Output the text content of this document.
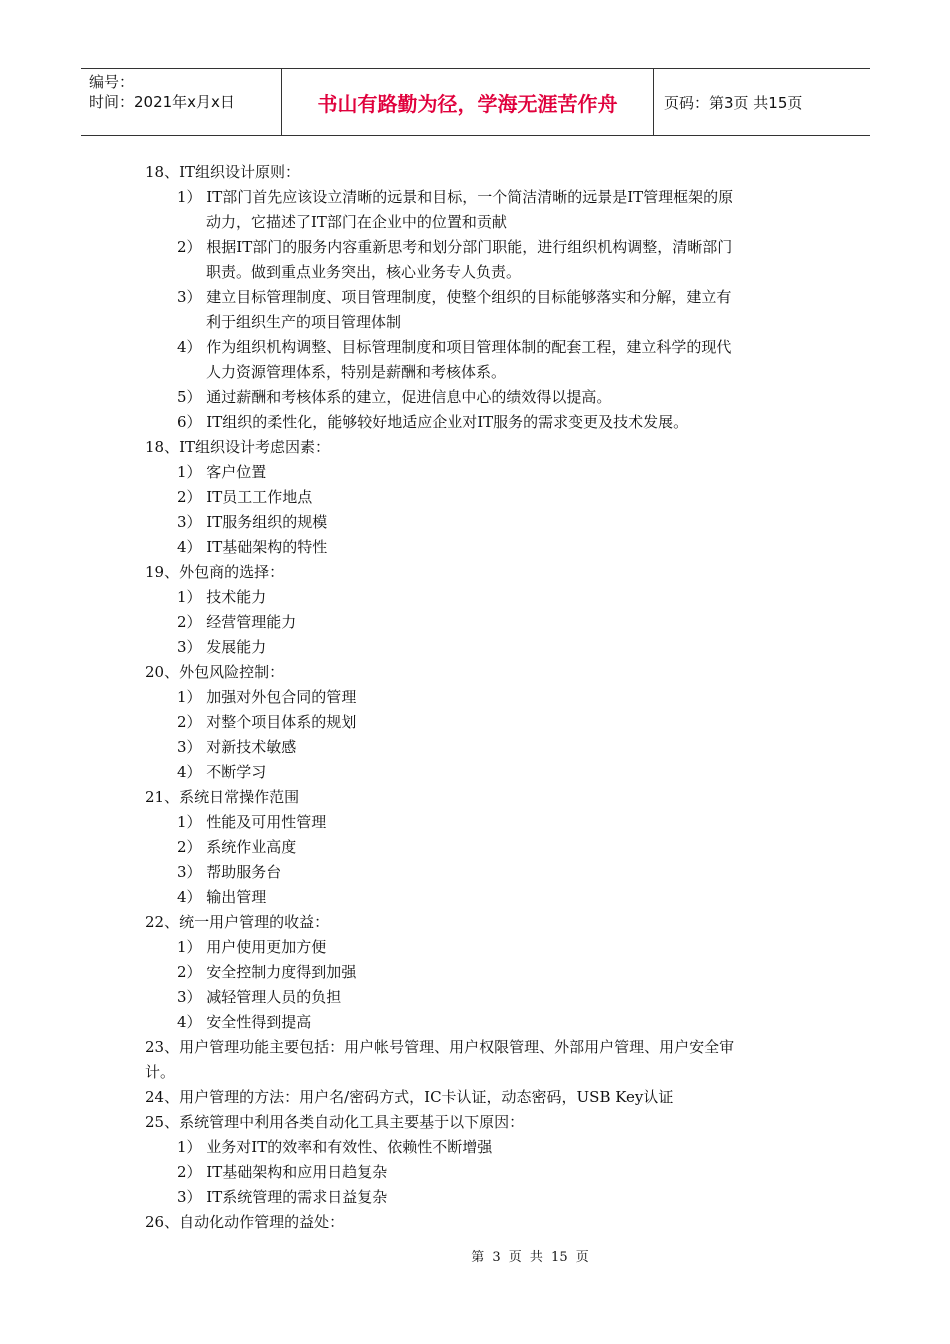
编号：
时间：2021年x月x日	书山有路勤为径，学海无涯苦作舟	页码：第3页 共15页
18、IT组织设计原则：
1） IT部门首先应该设立清晰的远景和目标，一个简洁清晰的远景是IT管理框架的原
动力，它描述了IT部门在企业中的位置和贡献
2） 根据IT部门的服务内容重新思考和划分部门职能，进行组织机构调整，清晰部门
职责。做到重点业务突出，核心业务专人负责。
3） 建立目标管理制度、项目管理制度，使整个组织的目标能够落实和分解，建立有
利于组织生产的项目管理体制
4） 作为组织机构调整、目标管理制度和项目管理体制的配套工程，建立科学的现代
人力资源管理体系，特别是薪酬和考核体系。
5） 通过薪酬和考核体系的建立，促进信息中心的绩效得以提高。
6） IT组织的柔性化，能够较好地适应企业对IT服务的需求变更及技术发展。
18、IT组织设计考虑因素：
1） 客户位置
2） IT员工工作地点
3） IT服务组织的规模
4） IT基础架构的特性
19、外包商的选择：
1） 技术能力
2） 经营管理能力
3） 发展能力
20、外包风险控制：
1） 加强对外包合同的管理
2） 对整个项目体系的规划
3） 对新技术敏感
4） 不断学习
21、系统日常操作范围
1） 性能及可用性管理
2） 系统作业高度
3） 帮助服务台
4） 输出管理
22、统一用户管理的收益：
1） 用户使用更加方便
2） 安全控制力度得到加强
3） 减轻管理人员的负担
4） 安全性得到提高
23、用户管理功能主要包括：用户帐号管理、用户权限管理、外部用户管理、用户安全审
计。
24、用户管理的方法：用户名/密码方式，IC卡认证，动态密码，USB Key认证
25、系统管理中利用各类自动化工具主要基于以下原因：
1） 业务对IT的效率和有效性、依赖性不断增强
2） IT基础架构和应用日趋复杂
3） IT系统管理的需求日益复杂
26、自动化动作管理的益处：
第 3 页 共 15 页
